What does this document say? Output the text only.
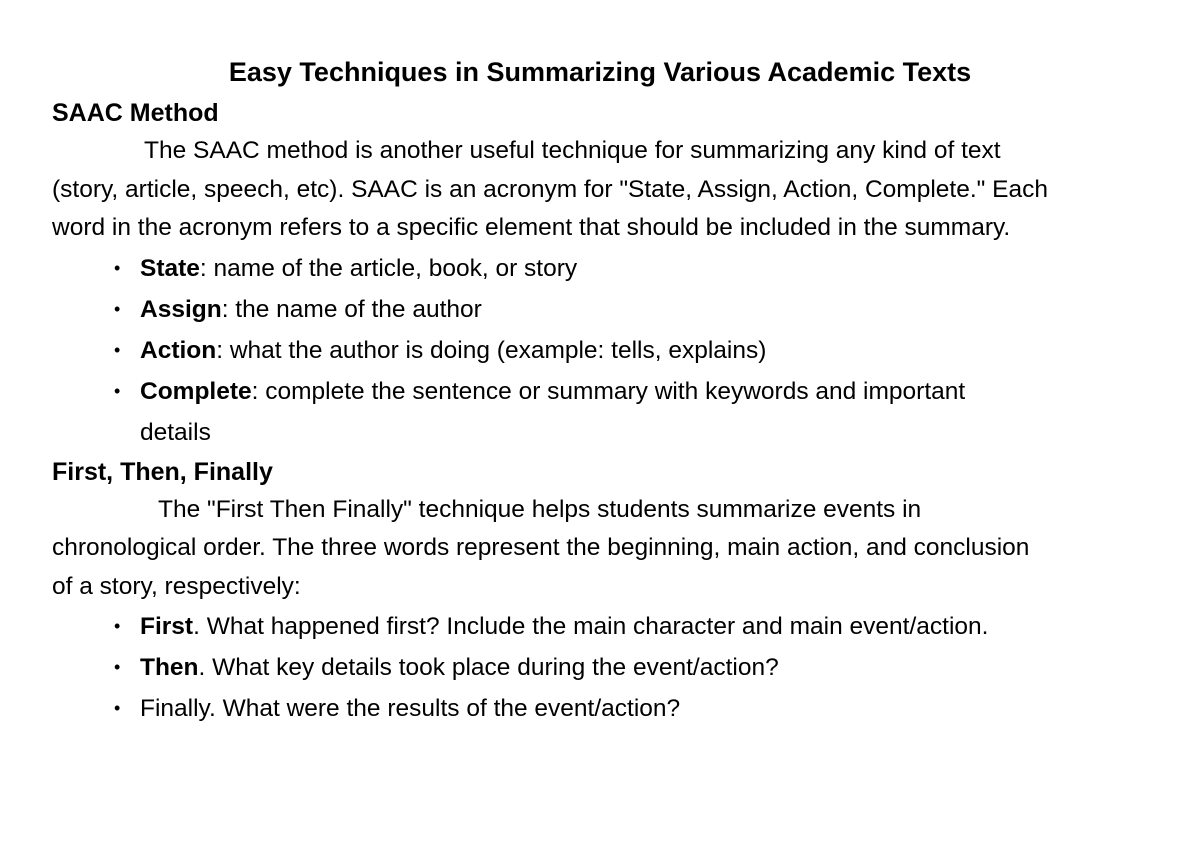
Easy Techniques in Summarizing Various Academic Texts
SAAC Method

The SAAC method is another useful technique for summarizing any kind of text (story, article, speech, etc). SAAC is an acronym for "State, Assign, Action, Complete." Each word in the acronym refers to a specific element that should be included in the summary.

• State: name of the article, book, or story
• Assign: the name of the author
• Action: what the author is doing (example: tells, explains)
• Complete: complete the sentence or summary with keywords and important details
First, Then, Finally

The "First Then Finally" technique helps students summarize events in chronological order. The three words represent the beginning, main action, and conclusion of a story, respectively:

• First. What happened first? Include the main character and main event/action.
• Then. What key details took place during the event/action?
• Finally. What were the results of the event/action?
